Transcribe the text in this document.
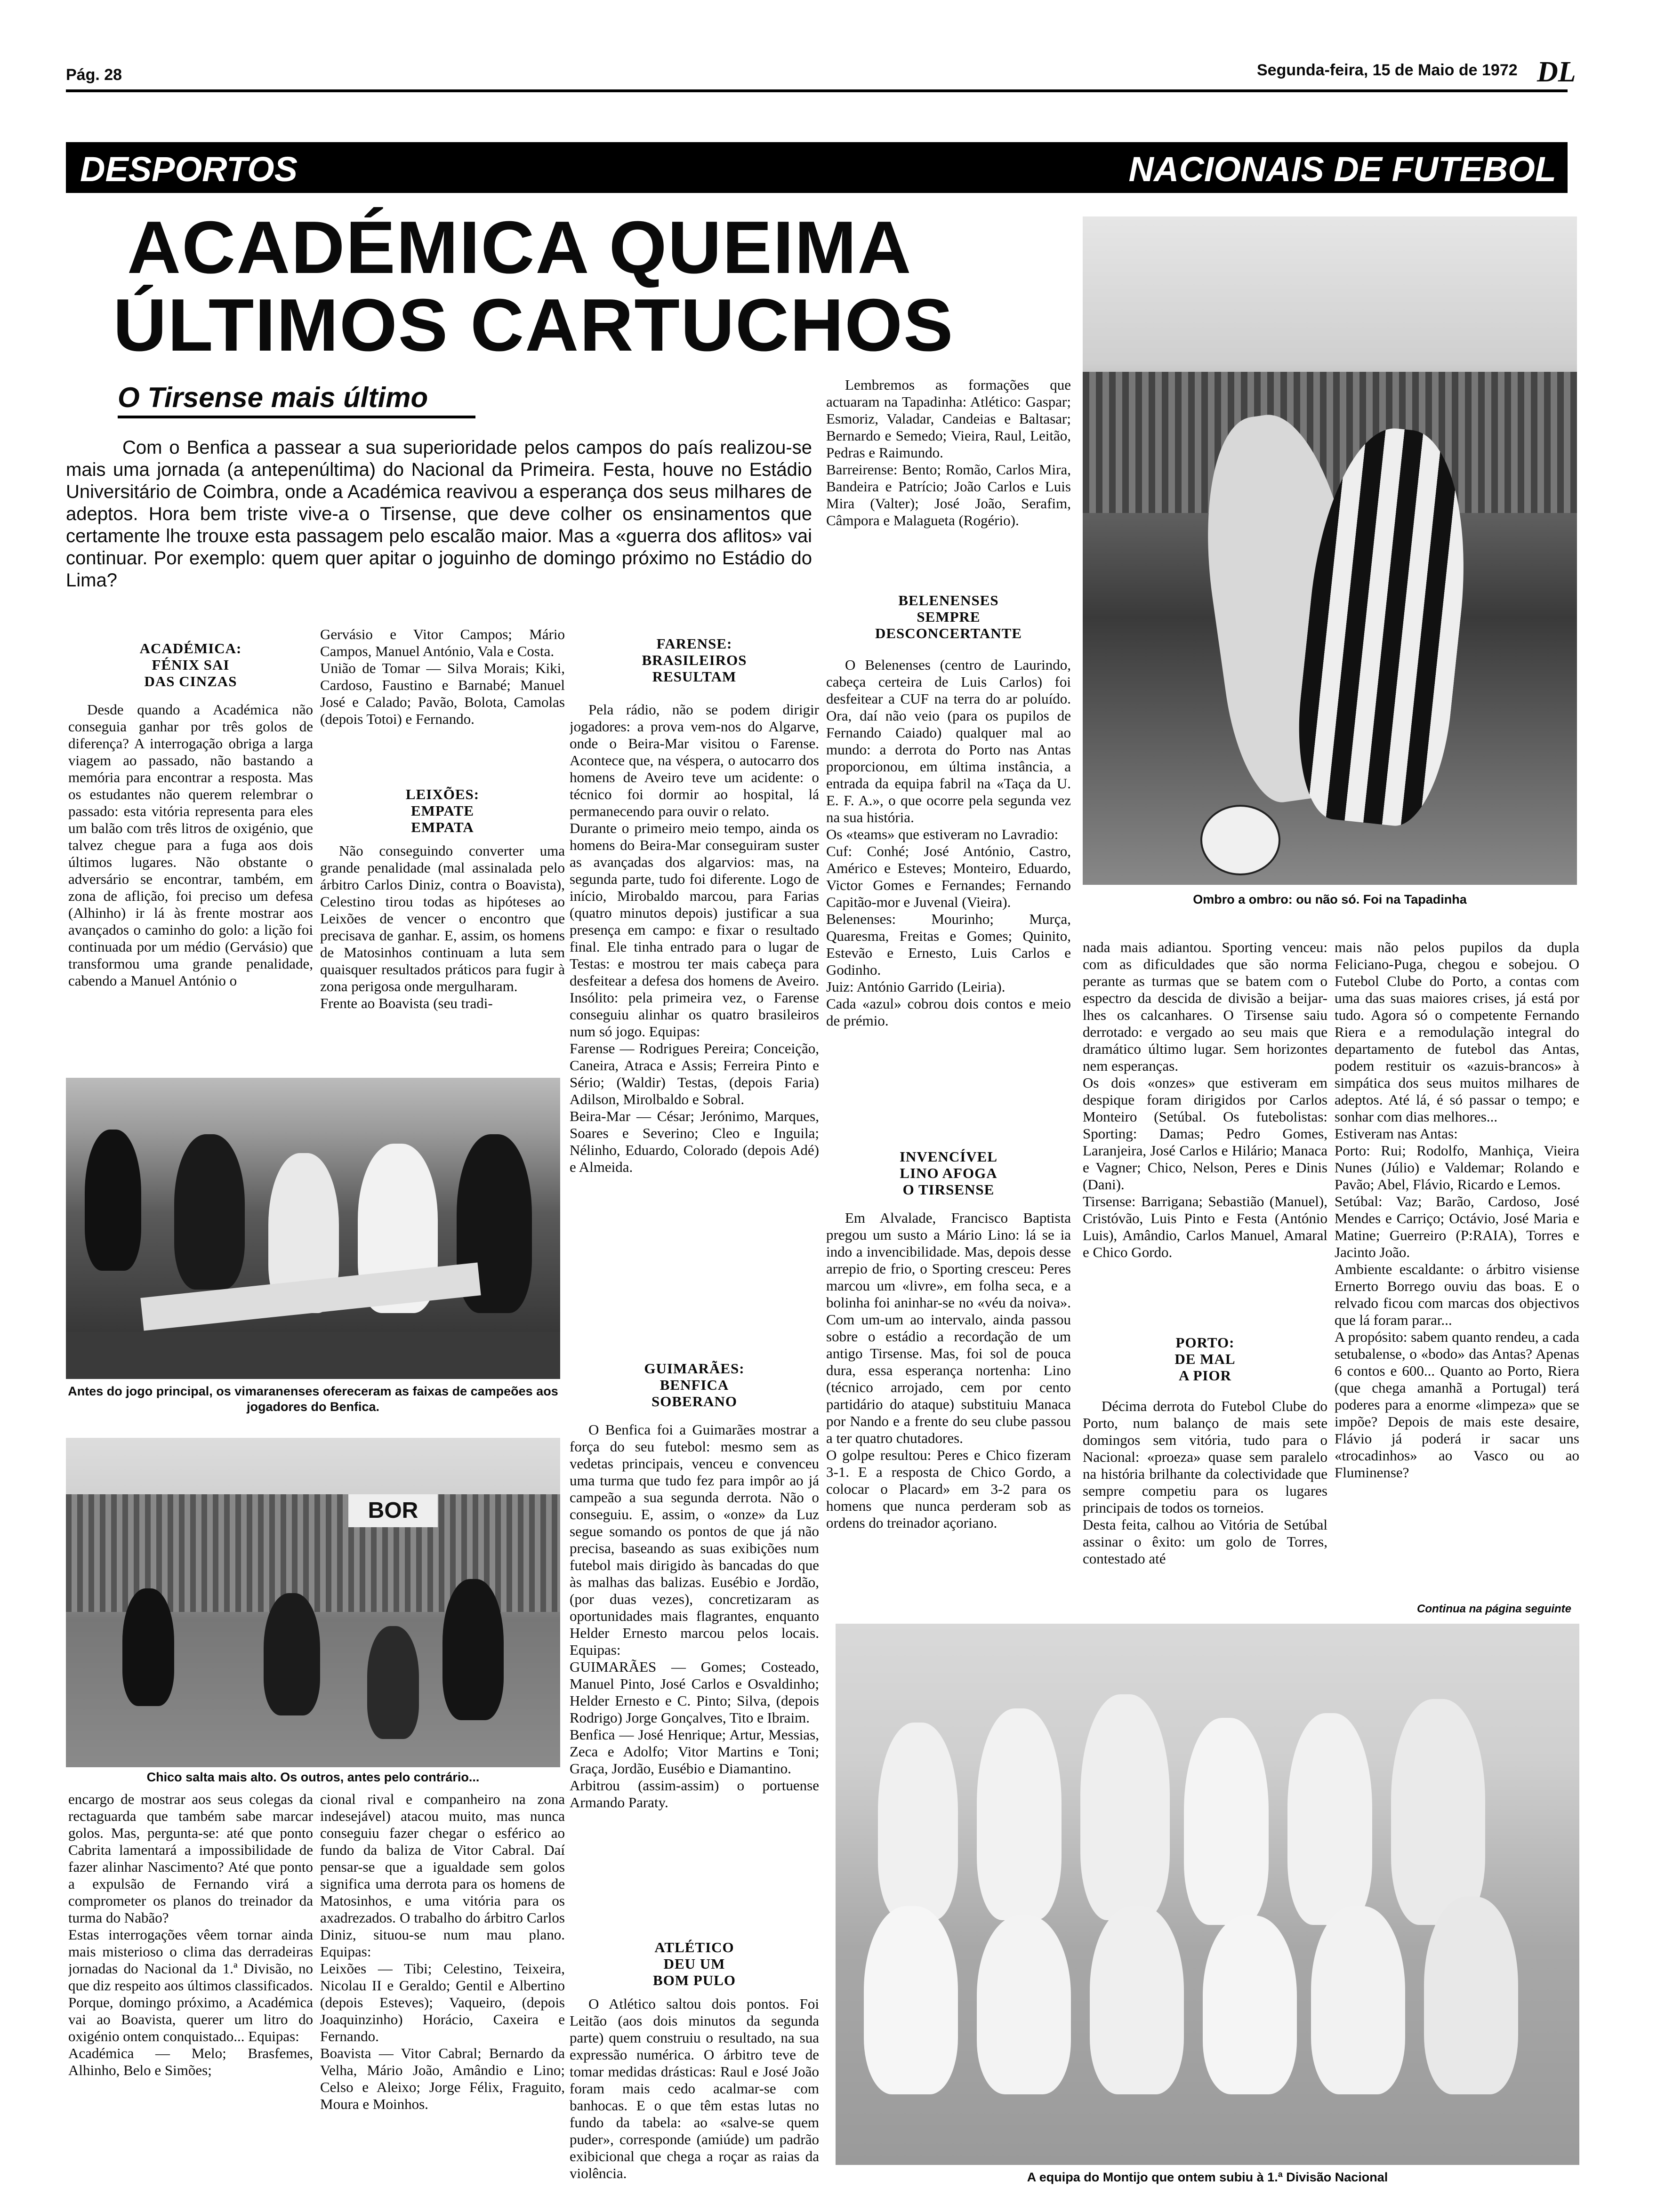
Pág. 28	Segunda-feira, 15 de Maio de 1972 DL
DESPORTOS	NACIONAIS DE FUTEBOL
ACADÉMICA QUEIMA
ÚLTIMOS CARTUCHOS
O Tirsense mais último
Com o Benfica a passear a sua superioridade pelos campos do país realizou-se mais uma jornada (a antepenúltima) do Nacional da Primeira. Festa, houve no Estádio Universitário de Coimbra, onde a Académica reavivou a esperança dos seus milhares de adeptos. Hora bem triste vive-a o Tirsense, que deve colher os ensinamentos que certamente lhe trouxe esta passagem pelo escalão maior. Mas a «guerra dos aflitos» vai continuar. Por exemplo: quem quer apitar o joguinho de domingo próximo no Estádio do Lima?
ACADÉMICA:
FÉNIX SAI
DAS CINZAS
Desde quando a Académica não conseguia ganhar por três golos de diferença? A interrogação obriga a larga viagem ao passado, não bastando a memória para encontrar a resposta. Mas os estudantes não querem relembrar o passado: esta vitória representa para eles um balão com três litros de oxigénio, que talvez chegue para a fuga aos dois últimos lugares. Não obstante o adversário se encontrar, também, em zona de aflição, foi preciso um defesa (Alhinho) ir lá às frente mostrar aos avançados o caminho do golo: a lição foi continuada por um médio (Gervásio) que transformou uma grande penalidade, cabendo a Manuel António o
Antes do jogo principal, os vimaranenses ofereceram as faixas de campeões aos jogadores do Benfica.
BOR
Chico salta mais alto. Os outros, antes pelo contrário...
encargo de mostrar aos seus colegas da rectaguarda que também sabe marcar golos. Mas, pergunta-se: até que ponto Cabrita lamentará a impossibilidade de fazer alinhar Nascimento? Até que ponto a expulsão de Fernando virá a comprometer os planos do treinador da turma do Nabão?
Estas interrogações vêem tornar ainda mais misterioso o clima das derradeiras jornadas do Nacional da 1.ª Divisão, no que diz respeito aos últimos classificados. Porque, domingo próximo, a Académica vai ao Boavista, querer um litro do oxigénio ontem conquistado... Equipas:
Académica — Melo; Brasfemes, Alhinho, Belo e Simões;
Gervásio e Vitor Campos; Mário Campos, Manuel António, Vala e Costa.
União de Tomar — Silva Morais; Kiki, Cardoso, Faustino e Barnabé; Manuel José e Calado; Pavão, Bolota, Camolas (depois Totoi) e Fernando.
LEIXÕES:
EMPATE
EMPATA
Não conseguindo converter uma grande penalidade (mal assinalada pelo árbitro Carlos Diniz, contra o Boavista), Celestino tirou todas as hipóteses ao Leixões de vencer o encontro que precisava de ganhar. E, assim, os homens de Matosinhos continuam a luta sem quaisquer resultados práticos para fugir à zona perigosa onde mergulharam.
Frente ao Boavista (seu tradi-
cional rival e companheiro na zona indesejável) atacou muito, mas nunca conseguiu fazer chegar o esférico ao fundo da baliza de Vitor Cabral. Daí pensar-se que a igualdade sem golos significa uma derrota para os homens de Matosinhos, e uma vitória para os axadrezados. O trabalho do árbitro Carlos Diniz, situou-se num mau plano. Equipas:
Leixões — Tibi; Celestino, Teixeira, Nicolau II e Geraldo; Gentil e Albertino (depois Esteves); Vaqueiro, (depois Joaquinzinho) Horácio, Caxeira e Fernando.
Boavista — Vitor Cabral; Bernardo da Velha, Mário João, Amândio e Lino; Celso e Aleixo; Jorge Félix, Fraguito, Moura e Moinhos.
FARENSE:
BRASILEIROS
RESULTAM
Pela rádio, não se podem dirigir jogadores: a prova vem-nos do Algarve, onde o Beira-Mar visitou o Farense. Acontece que, na véspera, o autocarro dos homens de Aveiro teve um acidente: o técnico foi dormir ao hospital, lá permanecendo para ouvir o relato.
Durante o primeiro meio tempo, ainda os homens do Beira-Mar conseguiram suster as avançadas dos algarvios: mas, na segunda parte, tudo foi diferente. Logo de início, Mirobaldo marcou, para Farias (quatro minutos depois) justificar a sua presença em campo: e fixar o resultado final. Ele tinha entrado para o lugar de Testas: e mostrou ter mais cabeça para desfeitear a defesa dos homens de Aveiro. Insólito: pela primeira vez, o Farense conseguiu alinhar os quatro brasileiros num só jogo. Equipas:
Farense — Rodrigues Pereira; Conceição, Caneira, Atraca e Assis; Ferreira Pinto e Sério; (Waldir) Testas, (depois Faria) Adilson, Mirolbaldo e Sobral.
Beira-Mar — César; Jerónimo, Marques, Soares e Severino; Cleo e Inguila; Nélinho, Eduardo, Colorado (depois Adé) e Almeida.
GUIMARÃES:
BENFICA
SOBERANO
O Benfica foi a Guimarães mostrar a força do seu futebol: mesmo sem as vedetas principais, venceu e convenceu uma turma que tudo fez para impôr ao já campeão a sua segunda derrota. Não o conseguiu. E, assim, o «onze» da Luz segue somando os pontos de que já não precisa, baseando as suas exibições num futebol mais dirigido às bancadas do que às malhas das balizas. Eusébio e Jordão, (por duas vezes), concretizaram as oportunidades mais flagrantes, enquanto Helder Ernesto marcou pelos locais. Equipas:
GUIMARÃES — Gomes; Costeado, Manuel Pinto, José Carlos e Osvaldinho; Helder Ernesto e C. Pinto; Silva, (depois Rodrigo) Jorge Gonçalves, Tito e Ibraim.
Benfica — José Henrique; Artur, Messias, Zeca e Adolfo; Vitor Martins e Toni; Graça, Jordão, Eusébio e Diamantino.
Arbitrou (assim-assim) o portuense Armando Paraty.
ATLÉTICO
DEU UM
BOM PULO
O Atlético saltou dois pontos. Foi Leitão (aos dois minutos da segunda parte) quem construiu o resultado, na sua expressão numérica. O árbitro teve de tomar medidas drásticas: Raul e José João foram mais cedo acalmar-se com banhocas. E o que têm estas lutas no fundo da tabela: ao «salve-se quem puder», corresponde (amiúde) um padrão exibicional que chega a roçar as raias da violência.
Lembremos as formações que actuaram na Tapadinha: Atlético: Gaspar; Esmoriz, Valadar, Candeias e Baltasar; Bernardo e Semedo; Vieira, Raul, Leitão, Pedras e Raimundo.
Barreirense: Bento; Romão, Carlos Mira, Bandeira e Patrício; João Carlos e Luis Mira (Valter); José João, Serafim, Câmpora e Malagueta (Rogério).
BELENENSES
SEMPRE
DESCONCERTANTE
O Belenenses (centro de Laurindo, cabeça certeira de Luis Carlos) foi desfeitear a CUF na terra do ar poluído. Ora, daí não veio (para os pupilos de Fernando Caiado) qualquer mal ao mundo: a derrota do Porto nas Antas proporcionou, em última instância, a entrada da equipa fabril na «Taça da U. E. F. A.», o que ocorre pela segunda vez na sua história.
Os «teams» que estiveram no Lavradio:
Cuf: Conhé; José António, Castro, Américo e Esteves; Monteiro, Eduardo, Victor Gomes e Fernandes; Fernando Capitão-mor e Juvenal (Vieira).
Belenenses: Mourinho; Murça, Quaresma, Freitas e Gomes; Quinito, Estevão e Ernesto, Luis Carlos e Godinho.
Juiz: António Garrido (Leiria).
Cada «azul» cobrou dois contos e meio de prémio.
INVENCÍVEL
LINO AFOGA
O TIRSENSE
Em Alvalade, Francisco Baptista pregou um susto a Mário Lino: lá se ia indo a invencibilidade. Mas, depois desse arrepio de frio, o Sporting cresceu: Peres marcou um «livre», em folha seca, e a bolinha foi aninhar-se no «véu da noiva». Com um-um ao intervalo, ainda passou sobre o estádio a recordação de um antigo Tirsense. Mas, foi sol de pouca dura, essa esperança nortenha: Lino (técnico arrojado, cem por cento partidário do ataque) substituiu Manaca por Nando e a frente do seu clube passou a ter quatro chutadores.
O golpe resultou: Peres e Chico fizeram 3-1. E a resposta de Chico Gordo, a colocar o Placard» em 3-2 para os homens que nunca perderam sob as ordens do treinador açoriano.
Ombro a ombro: ou não só. Foi na Tapadinha
nada mais adiantou. Sporting venceu: com as dificuldades que são norma perante as turmas que se batem com o espectro da descida de divisão a beijar-lhes os calcanhares. O Tirsense saiu derrotado: e vergado ao seu mais que dramático último lugar. Sem horizontes nem esperanças.
Os dois «onzes» que estiveram em despique foram dirigidos por Carlos Monteiro (Setúbal. Os futebolistas: Sporting: Damas; Pedro Gomes, Laranjeira, José Carlos e Hilário; Manaca e Vagner; Chico, Nelson, Peres e Dinis (Dani).
Tirsense: Barrigana; Sebastião (Manuel), Cristóvão, Luis Pinto e Festa (António Luis), Amândio, Carlos Manuel, Amaral e Chico Gordo.
PORTO:
DE MAL
A PIOR
Décima derrota do Futebol Clube do Porto, num balanço de mais sete domingos sem vitória, tudo para o Nacional: «proeza» quase sem paralelo na história brilhante da colectividade que sempre competiu para os lugares principais de todos os torneios.
Desta feita, calhou ao Vitória de Setúbal assinar o êxito: um golo de Torres, contestado até
mais não pelos pupilos da dupla Feliciano-Puga, chegou e sobejou. O Futebol Clube do Porto, a contas com uma das suas maiores crises, já está por tudo. Agora só o competente Fernando Riera e a remodulação integral do departamento de futebol das Antas, podem restituir os «azuis-brancos» à simpática dos seus muitos milhares de adeptos. Até lá, é só passar o tempo; e sonhar com dias melhores...
Estiveram nas Antas:
Porto: Rui; Rodolfo, Manhiça, Vieira Nunes (Júlio) e Valdemar; Rolando e Pavão; Abel, Flávio, Ricardo e Lemos.
Setúbal: Vaz; Barão, Cardoso, José Mendes e Carriço; Octávio, José Maria e Matine; Guerreiro (P:RAIA), Torres e Jacinto João.
Ambiente escaldante: o árbitro visiense Ernerto Borrego ouviu das boas. E o relvado ficou com marcas dos objectivos que lá foram parar...
A propósito: sabem quanto rendeu, a cada setubalense, o «bodo» das Antas? Apenas 6 contos e 600... Quanto ao Porto, Riera (que chega amanhã a Portugal) terá poderes para a enorme «limpeza» que se impõe? Depois de mais este desaire, Flávio já poderá ir sacar uns «trocadinhos» ao Vasco ou ao Fluminense?
Continua na página seguinte
A equipa do Montijo que ontem subiu à 1.ª Divisão Nacional
